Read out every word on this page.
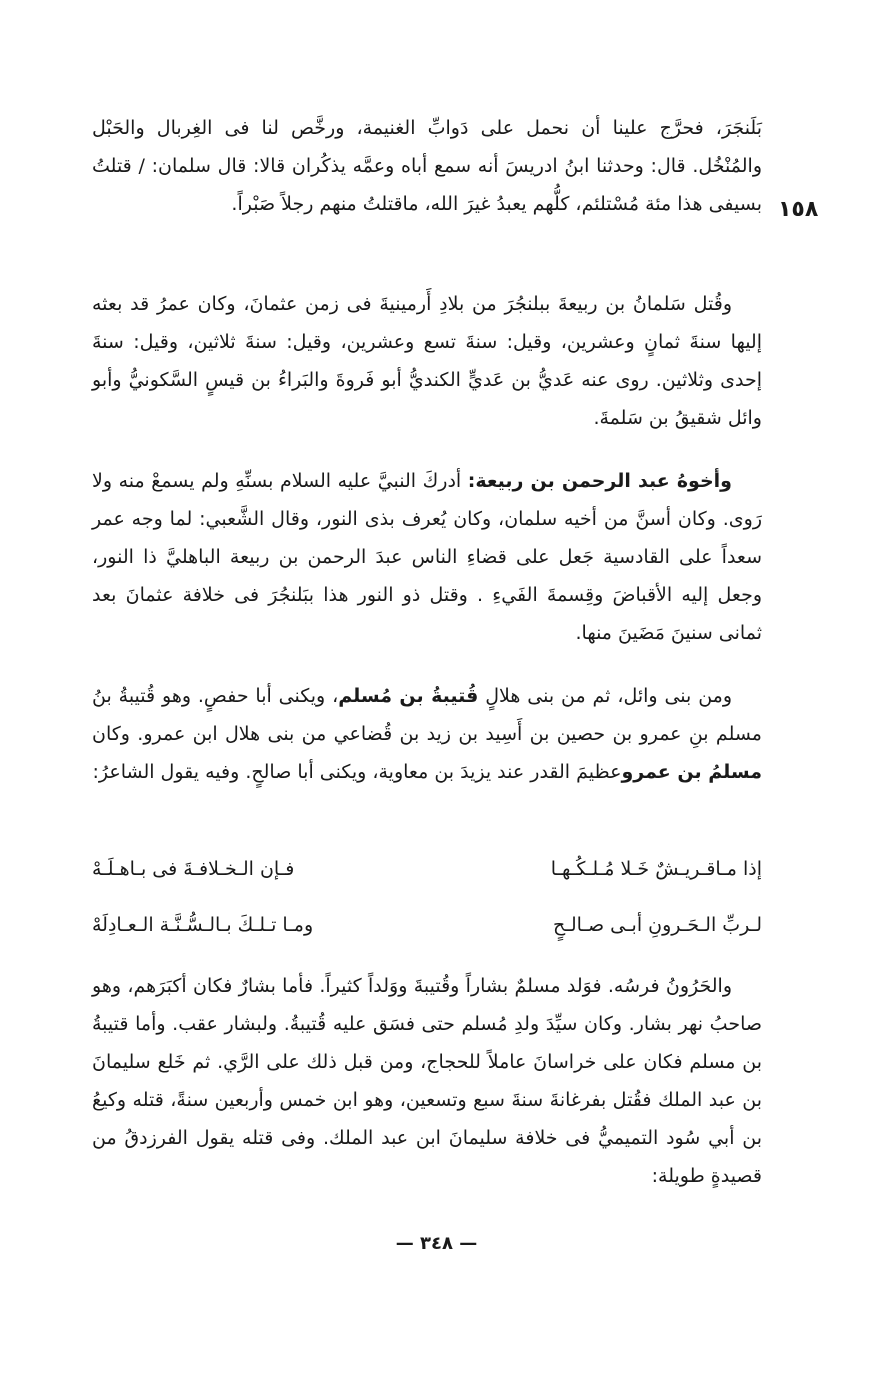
١٥٨

بَلَنجَرَ، فحرَّج علينا أن نحمل على دَوابِّ الغنيمة، ورخَّص لنا فى الغِربال والحَبْل والمُنْخُل. قال: وحدثنا ابنُ ادريسَ أنه سمع أباه وعمَّه يذكُران قالا: قال سلمان: / قتلتُ بسيفى هذا مئة مُسْتلئم، كلُّهم يعبدُ غيرَ الله، ماقتلتُ منهم رجلاً صَبْراً.

وقُتل سَلمانُ بن ربيعةَ ببلنجُرَ من بلادِ أَرمينيةَ فى زمن عثمانَ، وكان عمرُ قد بعثه إليها سنةَ ثمانٍ وعشرين، وقيل: سنةَ تسع وعشرين، وقيل: سنةَ ثلاثين، وقيل: سنةَ إحدى وثلاثين. روى عنه عَديُّ بن عَديٍّ الكنديُّ أبو فَروةَ والبَراءُ بن قيسٍ السَّكونيُّ وأبو وائل شقيقُ بن سَلمةَ.

وأخوهُ عبد الرحمن بن ربيعة: أدركَ النبيَّ عليه السلام بسنِّهِ ولم يسمعْ منه ولا رَوى. وكان أسنَّ من أخيه سلمان، وكان يُعرف بذى النور، وقال الشَّعبي: لما وجه عمر سعداً على القادسية جَعل على قضاءِ الناس عبدَ الرحمن بن ربيعة الباهليَّ ذا النور، وجعل إليه الأقباضَ وقِسمةَ الفَيءِ . وقتل ذو النور هذا ببَلنجُرَ فى خلافة عثمانَ بعد ثمانى سنينَ مَضَينَ منها.

ومن بنى وائل، ثم من بنى هلالٍ قُتيبةُ بن مُسلم، ويكنى أبا حفصٍ. وهو قُتيبةُ بنُ مسلم بنِ عمرو بن حصين بن أَسِيد بن زيد بن قُضاعي من بنى هلال ابن عمرو. وكان مسلمُ بن عمروعظيمَ القدر عند يزيدَ بن معاوية، ويكنى أبا صالحٍ. وفيه يقول الشاعرُ:

إذا مـاقـريـشٌ خَـلا مُـلـكُـهـا
فـإن الـخـلافـةَ فى بـاهـلَـهْ
لـربِّ الـحَـرونِ أبـى صـالـحٍ
ومـا تـلـكَ بـالـسُّـنَّـة الـعـادِلَهْ

والحَرُونُ فرسُه. فوَلد مسلمٌ بشاراً وقُتيبةَ ووَلداً كثيراً. فأما بشارٌ فكان أكبَرَهم، وهو صاحبُ نهر بشار. وكان سيِّدَ ولدِ مُسلم حتى فسَق عليه قُتيبةُ. ولبشار عقب. وأما قتيبةُ بن مسلم فكان على خراسانَ عاملاً للحجاج، ومن قبل ذلك على الرَّي. ثم خَلع سليمانَ بن عبد الملك فقُتل بفرغانةَ سنةَ سبع وتسعين، وهو ابن خمس وأربعين سنةً، قتله وكيعُ بن أبي سُود التميميُّ فى خلافة سليمانَ ابن عبد الملك. وفى قتله يقول الفرزدقُ من قصيدةٍ طويلة:

— ٣٤٨ —
